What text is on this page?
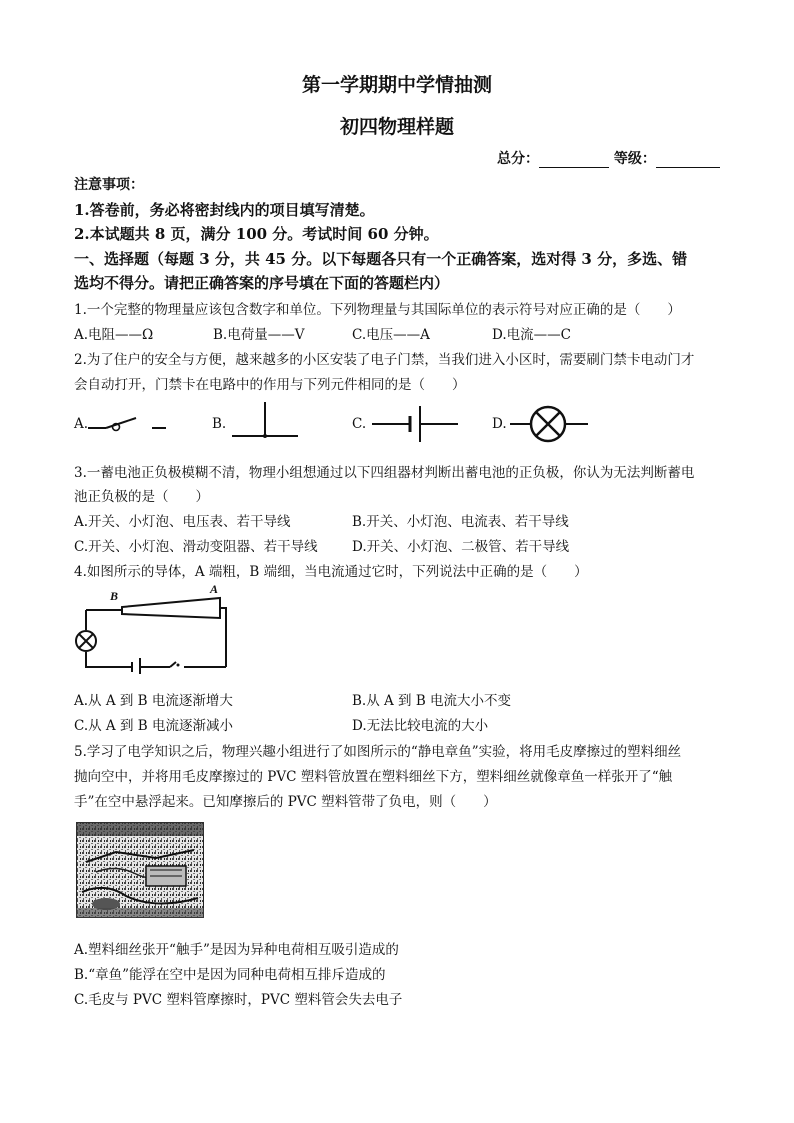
第一学期期中学情抽测
初四物理样题
总分：	等级：
注意事项：
1.答卷前，务必将密封线内的项目填写清楚。
2.本试题共 8 页，满分 100 分。考试时间 60 分钟。
一、选择题（每题 3 分，共 45 分。以下每题各只有一个正确答案，选对得 3 分，多选、错
选均不得分。请把正确答案的序号填在下面的答题栏内）
1.一个完整的物理量应该包含数字和单位。下列物理量与其国际单位的表示符号对应正确的是（　　）
A.电阻——Ω	B.电荷量——V	C.电压——A	D.电流——C
2.为了住户的安全与方便，越来越多的小区安装了电子门禁，当我们进入小区时，需要刷门禁卡电动门才
会自动打开，门禁卡在电路中的作用与下列元件相同的是（　　）
A.	B.	C.	D.
3.一蓄电池正负极模糊不清，物理小组想通过以下四组器材判断出蓄电池的正负极，你认为无法判断蓄电
池正负极的是（　　）
A.开关、小灯泡、电压表、若干导线	B.开关、小灯泡、电流表、若干导线
C.开关、小灯泡、滑动变阻器、若干导线	D.开关、小灯泡、二极管、若干导线
4.如图所示的导体，A 端粗，B 端细，当电流通过它时，下列说法中正确的是（　　）
B	A
A.从 A 到 B 电流逐渐增大	B.从 A 到 B 电流大小不变
C.从 A 到 B 电流逐渐减小	D.无法比较电流的大小
5.学习了电学知识之后，物理兴趣小组进行了如图所示的“静电章鱼”实验，将用毛皮摩擦过的塑料细丝
抛向空中，并将用毛皮摩擦过的 PVC 塑料管放置在塑料细丝下方，塑料细丝就像章鱼一样张开了“触
手”在空中悬浮起来。已知摩擦后的 PVC 塑料管带了负电，则（　　）
A.塑料细丝张开“触手”是因为异种电荷相互吸引造成的
B.“章鱼”能浮在空中是因为同种电荷相互排斥造成的
C.毛皮与 PVC 塑料管摩擦时，PVC 塑料管会失去电子
